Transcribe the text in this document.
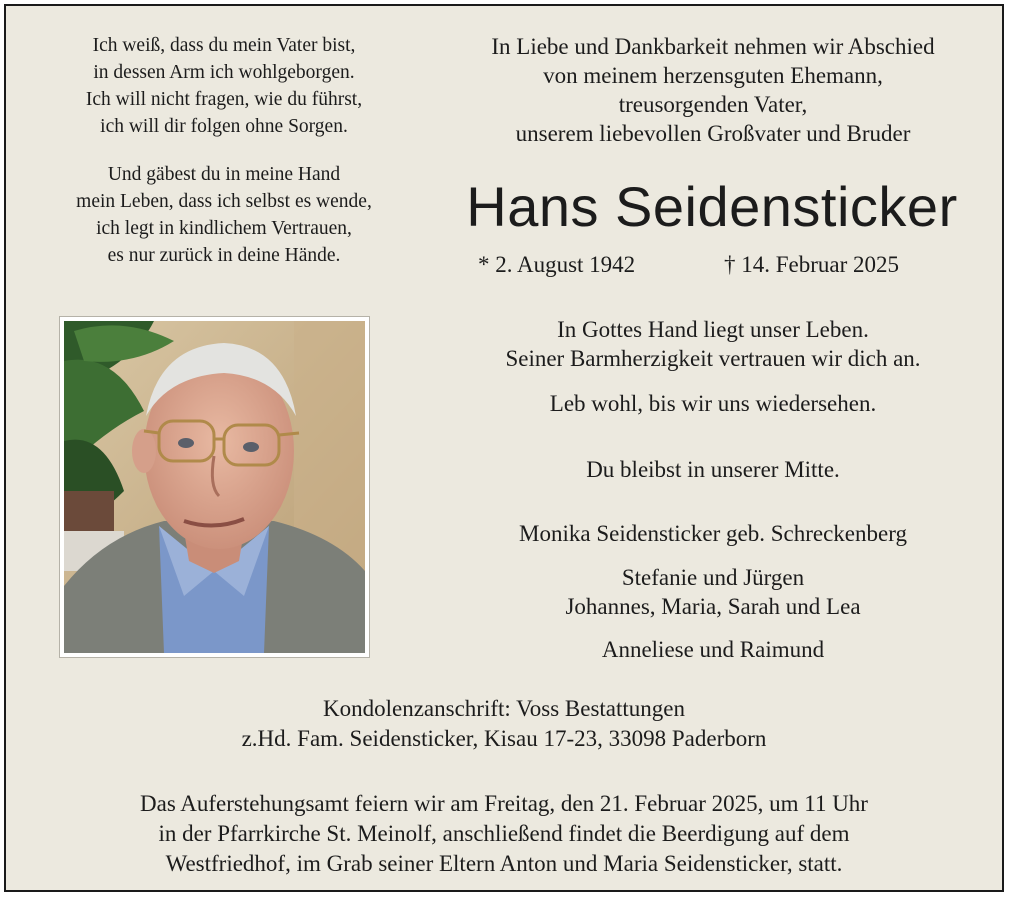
Ich weiß, dass du mein Vater bist,
in dessen Arm ich wohlgeborgen.
Ich will nicht fragen, wie du führst,
ich will dir folgen ohne Sorgen.
Und gäbest du in meine Hand
mein Leben, dass ich selbst es wende,
ich legt in kindlichem Vertrauen,
es nur zurück in deine Hände.
In Liebe und Dankbarkeit nehmen wir Abschied
von meinem herzensguten Ehemann,
treusorgenden Vater,
unserem liebevollen Großvater und Bruder
Hans Seidensticker
* 2. August 1942	† 14. Februar 2025
In Gottes Hand liegt unser Leben.
Seiner Barmherzigkeit vertrauen wir dich an.
Leb wohl, bis wir uns wiedersehen.
Du bleibst in unserer Mitte.
Monika Seidensticker geb. Schreckenberg
Stefanie und Jürgen
Johannes, Maria, Sarah und Lea
Anneliese und Raimund
Kondolenzanschrift: Voss Bestattungen
z.Hd. Fam. Seidensticker, Kisau 17-23, 33098 Paderborn
Das Auferstehungsamt feiern wir am Freitag, den 21. Februar 2025, um 11 Uhr
in der Pfarrkirche St. Meinolf, anschließend findet die Beerdigung auf dem
Westfriedhof, im Grab seiner Eltern Anton und Maria Seidensticker, statt.
